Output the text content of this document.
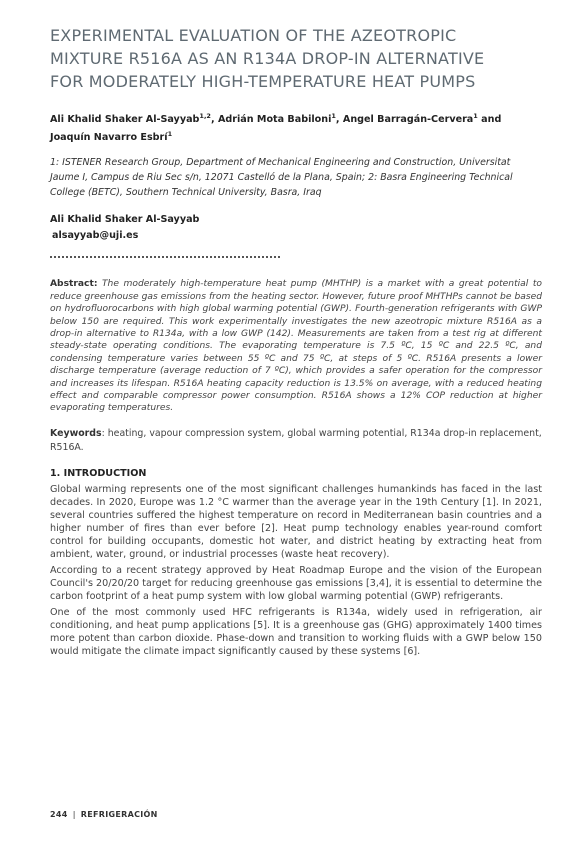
EXPERIMENTAL EVALUATION OF THE AZEOTROPIC
MIXTURE R516A AS AN R134A DROP-IN ALTERNATIVE
FOR MODERATELY HIGH-TEMPERATURE HEAT PUMPS
Ali Khalid Shaker Al-Sayyab$^{1,2}$, Adrián Mota Babiloni$^1$, Angel Barragán-Cervera$^1$ and Joaquín Navarro Esbrí$^1$
1: ISTENER Research Group, Department of Mechanical Engineering and Construction, Universitat Jaume I, Campus de Riu Sec s/n, 12071 Castelló de la Plana, Spain; 2: Basra Engineering Technical College (BETC), Southern Technical University, Basra, Iraq
Ali Khalid Shaker Al-Sayyab
alsayyab@uji.es
Abstract: The moderately high-temperature heat pump (MHTHP) is a market with a great potential to reduce greenhouse gas emissions from the heating sector. However, future proof MHTHPs cannot be based on hydrofluorocarbons with high global warming potential (GWP). Fourth-generation refrigerants with GWP below 150 are required. This work experimentally investigates the new azeotropic mixture R516A as a drop-in alternative to R134a, with a low GWP (142). Measurements are taken from a test rig at different steady-state operating conditions. The evaporating temperature is 7.5 ºC, 15 ºC and 22.5 ºC, and condensing temperature varies between 55 ºC and 75 ºC, at steps of 5 ºC. R516A presents a lower discharge temperature (average reduction of 7 ºC), which provides a safer operation for the compressor and increases its lifespan. R516A heating capacity reduction is 13.5% on average, with a reduced heating effect and comparable compressor power consumption. R516A shows a 12% COP reduction at higher evaporating temperatures.
Keywords: heating, vapour compression system, global warming potential, R134a drop-in replacement, R516A.
1. INTRODUCTION

Global warming represents one of the most significant challenges humankinds has faced in the last decades. In 2020, Europe was 1.2 °C warmer than the average year in the 19th Century [1]. In 2021, several countries suffered the highest temperature on record in Mediterranean basin countries and a higher number of fires than ever before [2]. Heat pump technology enables year-round comfort control for building occupants, domestic hot water, and district heating by extracting heat from ambient, water, ground, or industrial processes (waste heat recovery).

According to a recent strategy approved by Heat Roadmap Europe and the vision of the European Council's 20/20/20 target for reducing greenhouse gas emissions [3,4], it is essential to determine the carbon footprint of a heat pump system with low global warming potential (GWP) refrigerants.

One of the most commonly used HFC refrigerants is R134a, widely used in refrigeration, air conditioning, and heat pump applications [5]. It is a greenhouse gas (GHG) approximately 1400 times more potent than carbon dioxide. Phase-down and transition to working fluids with a GWP below 150 would mitigate the climate impact significantly caused by these systems [6].

244 | REFRIGERACIÓN
